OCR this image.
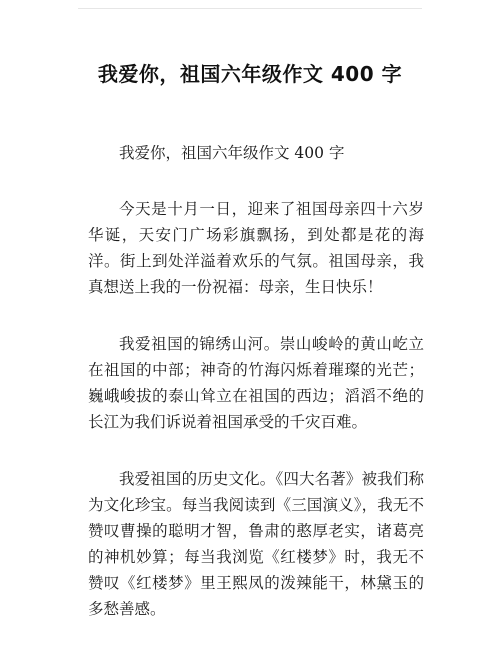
我爱你，祖国六年级作文 400 字

我爱你，祖国六年级作文 400 字

今天是十月一日，迎来了祖国母亲四十六岁华诞，天安门广场彩旗飘扬，到处都是花的海洋。街上到处洋溢着欢乐的气氛。祖国母亲，我真想送上我的一份祝福：母亲，生日快乐！

我爱祖国的锦绣山河。崇山峻岭的黄山屹立在祖国的中部；神奇的竹海闪烁着璀璨的光芒；巍峨峻拔的泰山耸立在祖国的西边；滔滔不绝的长江为我们诉说着祖国承受的千灾百难。

我爱祖国的历史文化。《四大名著》被我们称为文化珍宝。每当我阅读到《三国演义》，我无不赞叹曹操的聪明才智，鲁肃的憨厚老实，诸葛亮的神机妙算；每当我浏览《红楼梦》时，我无不赞叹《红楼梦》里王熙凤的泼辣能干，林黛玉的多愁善感。
